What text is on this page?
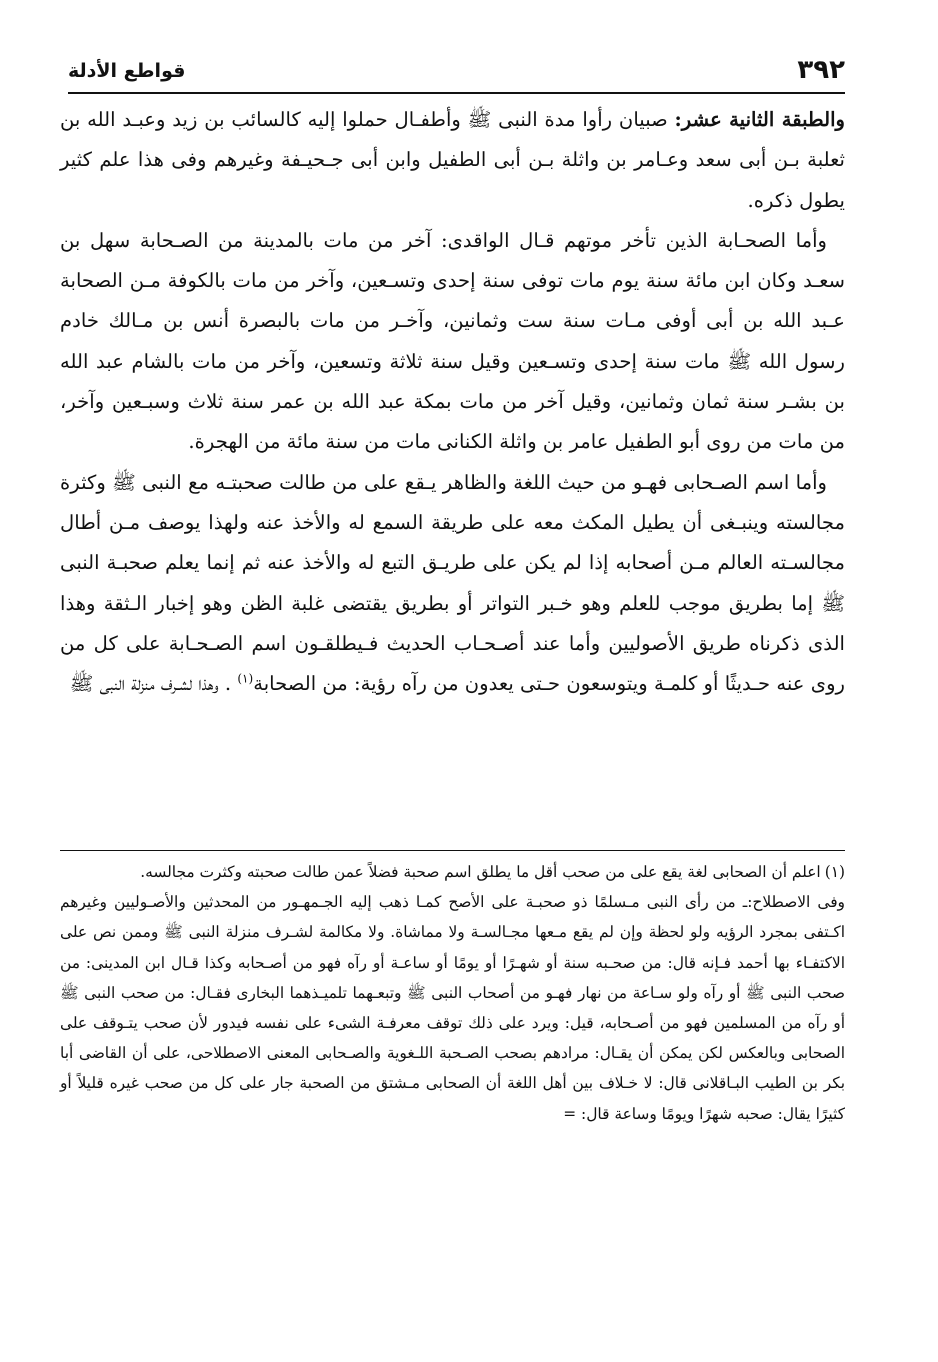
٣٩٢
قواطع الأدلة

والطبقة الثانية عشر: صبيان رأوا مدة النبى ﷺ وأطفـال حملوا إليه كالسائب بن زيد وعبـد الله بن ثعلبة بـن أبى سعد وعـامر بن واثلة بـن أبى الطفيل وابن أبى جـحيـفة وغيرهم وفى هذا علم كثير يطول ذكره.

وأما الصحـابة الذين تأخر موتهم قـال الواقدى: آخر من مات بالمدينة من الصـحابة سهل بن سعـد وكان ابن مائة سنة يوم مات توفى سنة إحدى وتسـعين، وآخر من مات بالكوفة مـن الصحابة عـبد الله بن أبى أوفى مـات سنة ست وثمانين، وآخـر من مات بالبصرة أنس بن مـالك خادم رسول الله ﷺ مات سنة إحدى وتسـعين وقيل سنة ثلاثة وتسعين، وآخر من مات بالشام عبد الله بن بشـر سنة ثمان وثمانين، وقيل آخر من مات بمكة عبد الله بن عمر سنة ثلاث وسبـعين وآخر، من مات من روى أبو الطفيل عامر بن واثلة الكنانى مات من سنة مائة من الهجرة.

وأما اسم الصـحابى فهـو من حيث اللغة والظاهر يـقع على من طالت صحبتـه مع النبى ﷺ وكثرة مجالسته وينبـغى أن يطيل المكث معه على طريقة السمع له والأخذ عنه ولهذا يوصف مـن أطال مجالسـته العالم مـن أصحابه إذا لم يكن على طريـق التبع له والأخذ عنه ثم إنما يعلم صحبـة النبى ﷺ إما بطريق موجب للعلم وهو خـبر التواتر أو بطريق يقتضى غلبة الظن وهو إخبار الـثقة وهذا الذى ذكرناه طريق الأصوليين وأما عند أصـحـاب الحديث فـيطلقـون اسم الصـحـابة على كل من روى عنه حـديثًا أو كلمـة ويتوسعون حـتى يعدون من رآه رؤية: من الصحابة$^{(١)}$ . وهذا لشـرف منزلة النبى ﷺ

(١)اعلم أن الصحابى لغة يقع على من صحب أقل ما يطلق اسم صحبة فضلاً عمن طالت صحبته وكثرت مجالسه.

وفى الاصطلاح:ـ من رأى النبى مـسلمًا ذو صحبـة على الأصح كمـا ذهب إليه الجـمهـور من المحدثين والأصـوليين وغيرهم اكـتفى بمجرد الرؤيه ولو لحظة وإن لم يقع مـعها مجـالسـة ولا مماشاة. ولا مكالمة لشـرف منزلة النبى ﷺ وممن نص على الاكتفـاء بها أحمد فـإنه قال: من صحـبه سنة أو شهـرًا أو يومًا أو ساعـة أو رآه فهو من أصـحابه وكذا قـال ابن المدينى: من صحب النبى ﷺ أو رآه ولو سـاعة من نهار فهـو من أصحاب النبى ﷺ وتبعـهما تلميـذهما البخارى فقـال: من صحب النبى ﷺ أو رآه من المسلمين فهو من أصـحابه، قيل: ويرد على ذلك توقف معرفـة الشىء على نفسه فيدور لأن صحب يتـوقف على الصحابى وبالعكس لكن يمكن أن يقـال: مرادهم بصحب الصـحبة اللـغوية والصـحابى المعنى الاصطلاحى، على أن القاضى أبا بكر بن الطيب البـاقلانى قال: لا خـلاف بين أهل اللغة أن الصحابى مـشتق من الصحبة جار على كل من صحب غيره قليلاً أو كثيرًا يقال: صحبه شهرًا ويومًا وساعة قال: =
